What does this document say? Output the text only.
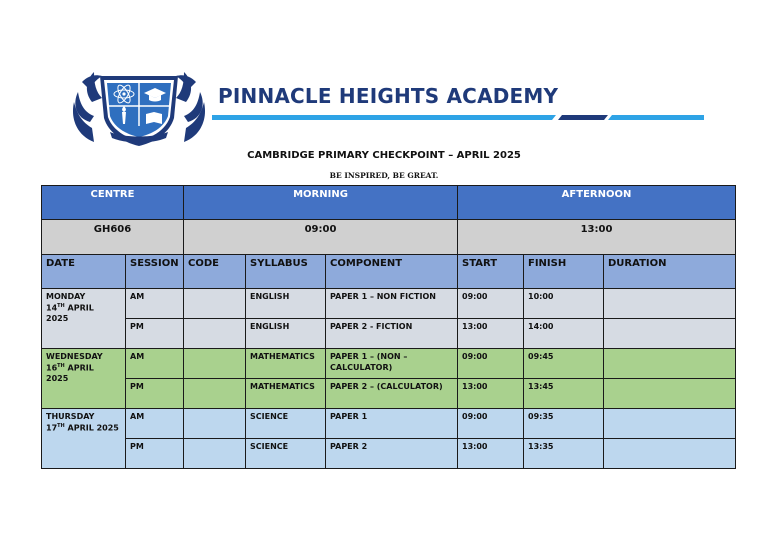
PINNACLE HEIGHTS ACADEMY
CAMBRIDGE PRIMARY CHECKPOINT – APRIL 2025
BE INSPIRED, BE GREAT.
CENTRE		MORNING			AFTERNOON		
GH606		09:00			13:00		
DATE	SESSION	CODE	SYLLABUS	COMPONENT	START	FINISH	DURATION
MONDAY
14TH APRIL
2025	AM		ENGLISH	PAPER 1 – NON FICTION	09:00	10:00	
	PM		ENGLISH	PAPER 2 - FICTION	13:00	14:00	
WEDNESDAY
16TH APRIL
2025	AM		MATHEMATICS	PAPER 1 – (NON – CALCULATOR)	09:00	09:45	
	PM		MATHEMATICS	PAPER 2 – (CALCULATOR)	13:00	13:45	
THURSDAY
17TH APRIL 2025	AM		SCIENCE	PAPER 1	09:00	09:35	
	PM		SCIENCE	PAPER 2	13:00	13:35	
